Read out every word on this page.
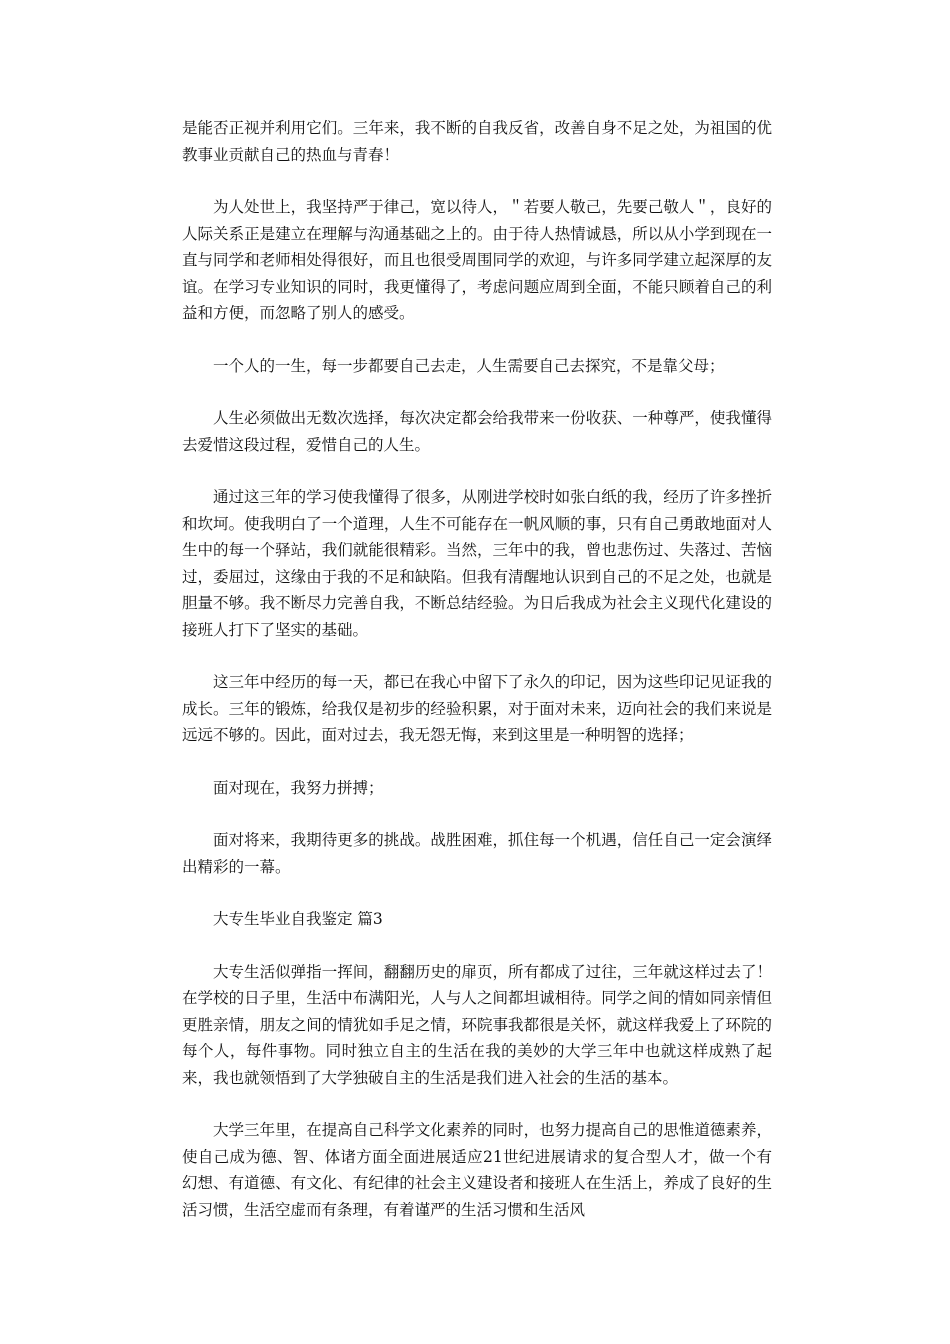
是能否正视并利用它们。三年来，我不断的自我反省，改善自身不足之处，为祖国的优教事业贡献自己的热血与青春！

为人处世上，我坚持严于律己，宽以待人，＂若要人敬己，先要己敬人＂，良好的人际关系正是建立在理解与沟通基础之上的。由于待人热情诚恳，所以从小学到现在一直与同学和老师相处得很好，而且也很受周围同学的欢迎，与许多同学建立起深厚的友谊。在学习专业知识的同时，我更懂得了，考虑问题应周到全面，不能只顾着自己的利益和方便，而忽略了别人的感受。

一个人的一生，每一步都要自己去走，人生需要自己去探究，不是靠父母；

人生必须做出无数次选择，每次决定都会给我带来一份收获、一种尊严，使我懂得去爱惜这段过程，爱惜自己的人生。

通过这三年的学习使我懂得了很多，从刚进学校时如张白纸的我，经历了许多挫折和坎坷。使我明白了一个道理，人生不可能存在一帆风顺的事，只有自己勇敢地面对人生中的每一个驿站，我们就能很精彩。当然，三年中的我，曾也悲伤过、失落过、苦恼过，委屈过，这缘由于我的不足和缺陷。但我有清醒地认识到自己的不足之处，也就是胆量不够。我不断尽力完善自我，不断总结经验。为日后我成为社会主义现代化建设的接班人打下了坚实的基础。

这三年中经历的每一天，都已在我心中留下了永久的印记，因为这些印记见证我的成长。三年的锻炼，给我仅是初步的经验积累，对于面对未来，迈向社会的我们来说是远远不够的。因此，面对过去，我无怨无悔，来到这里是一种明智的选择；

面对现在，我努力拼搏；

面对将来，我期待更多的挑战。战胜困难，抓住每一个机遇，信任自己一定会演绎出精彩的一幕。

大专生毕业自我鉴定 篇3

大专生活似弹指一挥间，翻翻历史的扉页，所有都成了过往，三年就这样过去了！　在学校的日子里，生活中布满阳光，人与人之间都坦诚相待。同学之间的情如同亲情但更胜亲情，朋友之间的情犹如手足之情，环院事我都很是关怀，就这样我爱上了环院的每个人，每件事物。同时独立自主的生活在我的美妙的大学三年中也就这样成熟了起来，我也就领悟到了大学独破自主的生活是我们进入社会的生活的基本。

大学三年里，在提高自己科学文化素养的同时，也努力提高自己的思惟道德素养，使自己成为德、智、体诸方面全面进展适应21世纪进展请求的复合型人才，做一个有幻想、有道德、有文化、有纪律的社会主义建设者和接班人在生活上，养成了良好的生活习惯，生活空虚而有条理，有着谨严的生活习惯和生活风
